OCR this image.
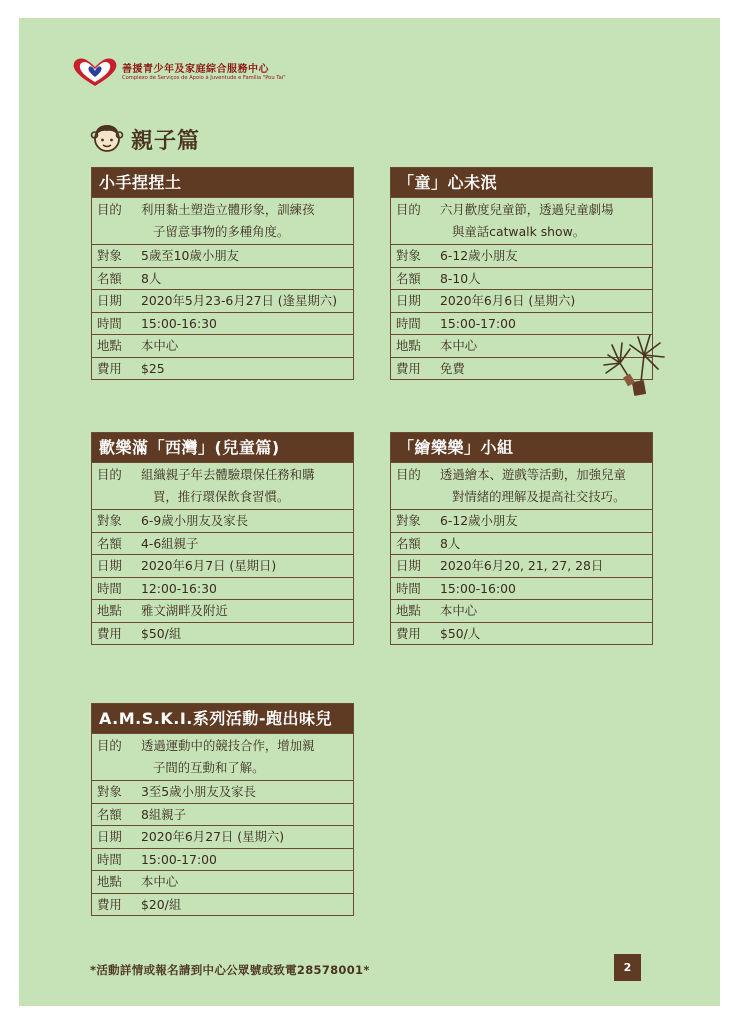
善援青少年及家庭綜合服務中心
Complexo de Serviços de Apoio à Juventude e Família "Pou Tai"
親子篇
小手捏捏土
目的	利用黏土塑造立體形象，訓練孩
子留意事物的多種角度。
對象	5歲至10歲小朋友
名額	8人
日期	2020年5月23-6月27日 (逢星期六)
時間	15:00-16:30
地點	本中心
費用	$25
「童」心未泯
目的	六月歡度兒童節，透過兒童劇場
與童話catwalk show。
對象	6-12歲小朋友
名額	8-10人
日期	2020年6月6日 (星期六)
時間	15:00-17:00
地點	本中心
費用	免費
歡樂滿「西灣」(兒童篇)
目的	組織親子年去體驗環保任務和購
買，推行環保飲食習慣。
對象	6-9歲小朋友及家長
名額	4-6組親子
日期	2020年6月7日 (星期日)
時間	12:00-16:30
地點	雅文湖畔及附近
費用	$50/組
「繪樂樂」小組
目的	透過繪本、遊戲等活動，加強兒童
對情緒的理解及提高社交技巧。
對象	6-12歲小朋友
名額	8人
日期	2020年6月20, 21, 27, 28日
時間	15:00-16:00
地點	本中心
費用	$50/人
A.M.S.K.I.系列活動-跑出味兒
目的	透過運動中的競技合作，增加親
子間的互動和了解。
對象	3至5歲小朋友及家長
名額	8組親子
日期	2020年6月27日 (星期六)
時間	15:00-17:00
地點	本中心
費用	$20/組
*活動詳情或報名請到中心公眾號或致電28578001*	2
